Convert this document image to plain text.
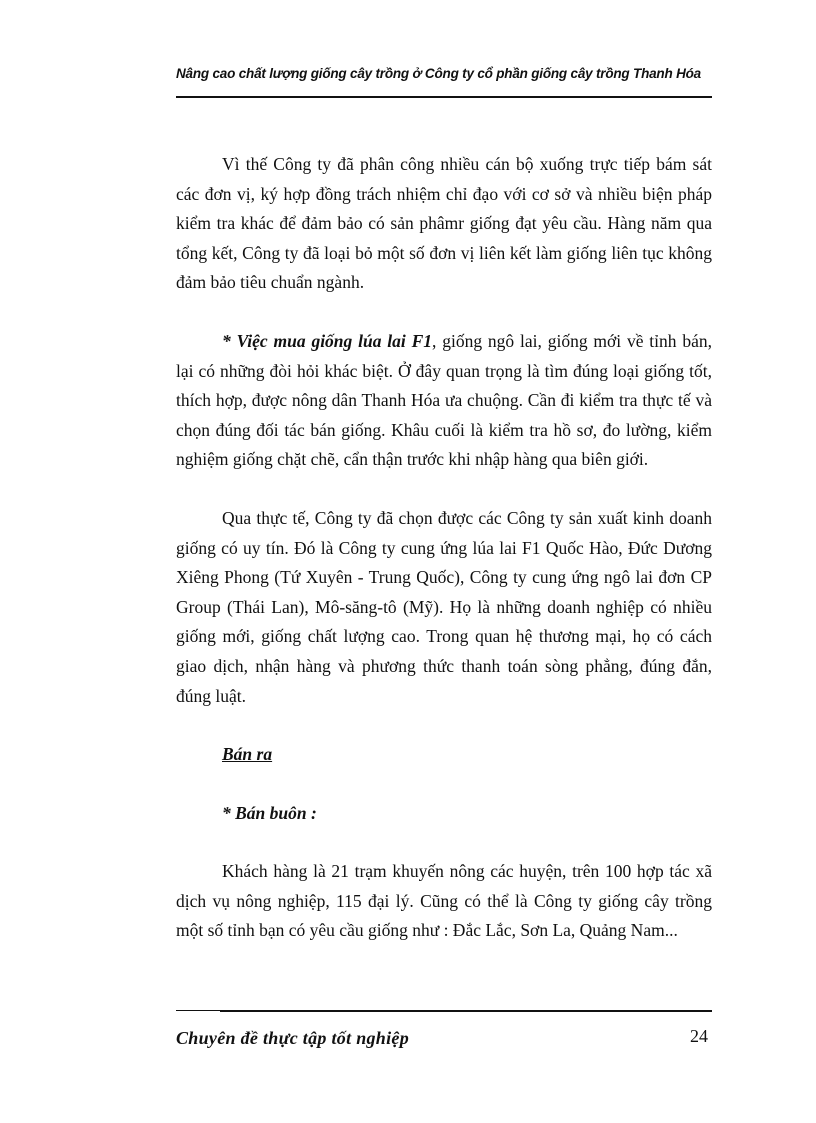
Nâng cao chất lượng giống cây trồng ở Công ty cổ phần giống cây trồng Thanh Hóa

Vì thế Công ty đã phân công nhiều cán bộ xuống trực tiếp bám sát các đơn vị, ký hợp đồng trách nhiệm chỉ đạo với cơ sở và nhiều biện pháp kiểm tra khác để đảm bảo có sản phâmr giống đạt yêu cầu. Hàng năm qua tổng kết, Công ty đã loại bỏ một số đơn vị liên kết làm giống liên tục không đảm bảo tiêu chuẩn ngành.

* Việc mua giống lúa lai F1, giống ngô lai, giống mới về tỉnh bán, lại có những đòi hỏi khác biệt. Ở đây quan trọng là tìm đúng loại giống tốt, thích hợp, được nông dân Thanh Hóa ưa chuộng. Cần đi kiểm tra thực tế và chọn đúng đối tác bán giống. Khâu cuối là kiểm tra hồ sơ, đo lường, kiểm nghiệm giống chặt chẽ, cẩn thận trước khi nhập hàng qua biên giới.

Qua thực tế, Công ty đã chọn được các Công ty sản xuất kinh doanh giống có uy tín. Đó là Công ty cung ứng lúa lai F1 Quốc Hào, Đức Dương Xiêng Phong (Tứ Xuyên - Trung Quốc), Công ty cung ứng ngô lai đơn CP Group (Thái Lan), Mô-săng-tô (Mỹ). Họ là những doanh nghiệp có nhiều giống mới, giống chất lượng cao. Trong quan hệ thương mại, họ có cách giao dịch, nhận hàng và phương thức thanh toán sòng phẳng, đúng đắn, đúng luật.

Bán ra

* Bán buôn :

Khách hàng là 21 trạm khuyến nông các huyện, trên 100 hợp tác xã dịch vụ nông nghiệp, 115 đại lý. Cũng có thể là Công ty giống cây trồng một số tỉnh bạn có yêu cầu giống như : Đắc Lắc, Sơn La, Quảng Nam...

Chuyên đề thực tập tốt nghiệp	24
